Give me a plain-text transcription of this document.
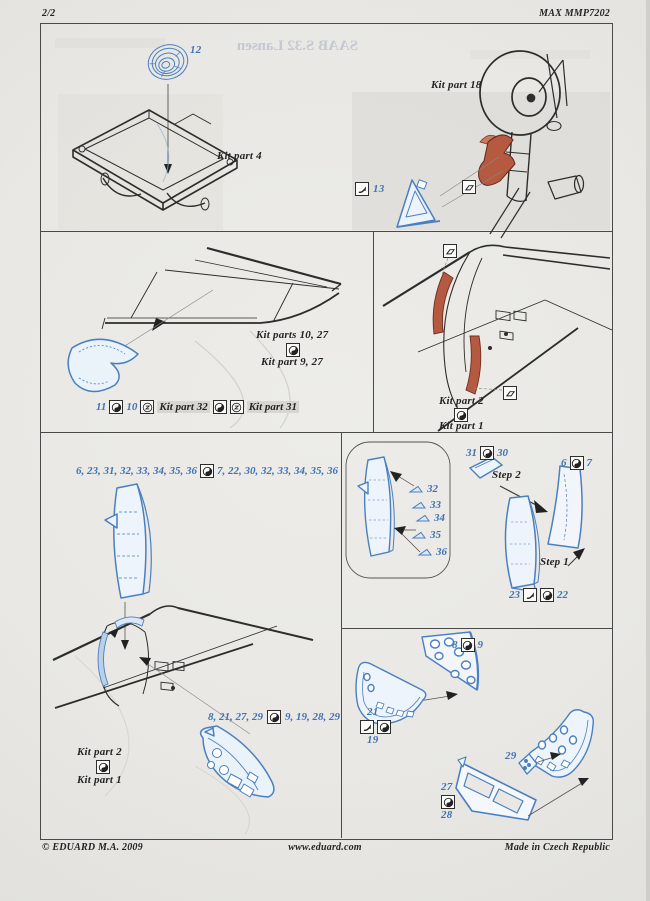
SAAB S.32 Lansen
2/2	MAX MMP7202
12
Kit part 4
Kit part 18
13
Kit parts 10, 27
Kit part 9, 27
11 10 Kit part 32	Kit part 31	Kit part 2
Kit part 1
6, 23, 31, 32, 33, 34, 35, 36 7, 22, 30, 32, 33, 34, 35, 36
8, 21, 27, 29 9, 19, 28, 29
Kit part 2
Kit part 1
32
33
34
35
36
31 30
Step 2
6 7
Step 1
23	22
8 9
21
19
29
27
28
© EDUARD M.A. 2009	www.eduard.com	Made in Czech Republic
